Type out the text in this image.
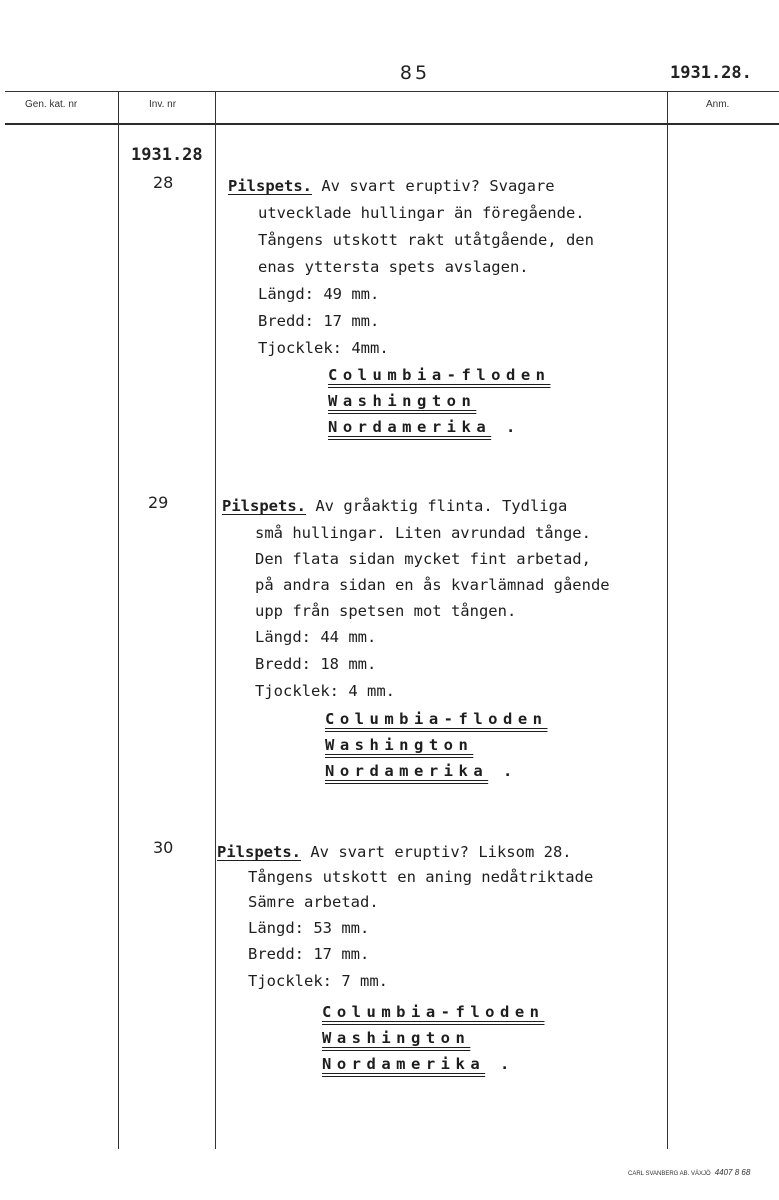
85	1931.28.
Gen. kat. nr	Inv. nr	Anm.
1931.28
28	Pilspets. Av svart eruptiv? Svagare
utvecklade hullingar än föregående.
Tångens utskott rakt utåtgående, den
enas yttersta spets avslagen.
Längd: 49 mm.
Bredd: 17 mm.
Tjocklek: 4mm.
Columbia-floden
Washington
Nordamerika .
29	Pilspets. Av gråaktig flinta. Tydliga
små hullingar. Liten avrundad tånge.
Den flata sidan mycket fint arbetad,
på andra sidan en ås kvarlämnad gående
upp från spetsen mot tången.
Längd: 44 mm.
Bredd: 18 mm.
Tjocklek: 4 mm.
Columbia-floden
Washington
Nordamerika .
30	Pilspets. Av svart eruptiv? Liksom 28.
Tångens utskott en aning nedåtriktade
Sämre arbetad.
Längd: 53 mm.
Bredd: 17 mm.
Tjocklek: 7 mm.
Columbia-floden
Washington
Nordamerika .
CARL SVANBERG AB. VÄXJÖ 4407 8 68
